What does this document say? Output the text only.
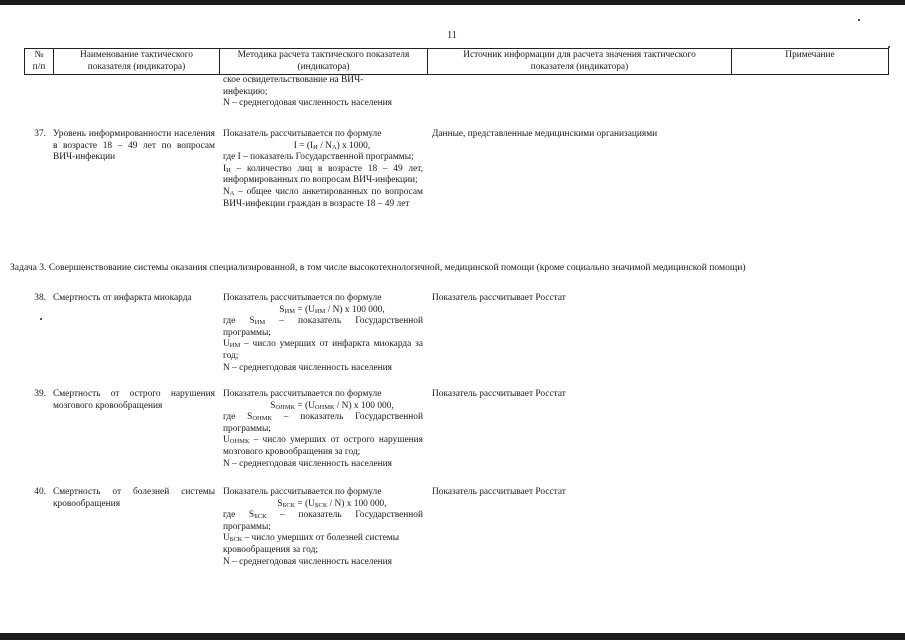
11
№
п/п
Наименование тактического
показателя (индикатора)
Методика расчета тактического показателя
(индикатора)
Источник информации для расчета значения тактического
показателя (индикатора)
Примечание
ское освидетельствование на ВИЧ-
инфекцию;
N – среднегодовая численность населения
37. Уровень информированности населения в возрасте 18 – 49 лет по вопросам ВИЧ-инфекции
Показатель рассчитывается по формуле
$I = (I_И / N_А)$ x 1000,
где I – показатель Государственной программы;
$I_И$ – количество лиц в возрасте 18 – 49 лет, информированных по вопросам ВИЧ-инфекции;
$N_А$ – общее число анкетированных по вопросам ВИЧ-инфекции граждан в возрасте 18 – 49 лет
Данные, представленные медицинскими организациями
Задача 3. Совершенствование системы оказания специализированной, в том числе высокотехнологичной, медицинской помощи (кроме социально значимой медицинской помощи)
38. Смертность от инфаркта миокарда	Показатель рассчитывается по формуле
$S_{ИМ} = (U_{ИМ} / N)$ x 100 000,
где $S_{ИМ}$ – показатель Государственной программы;
$U_{ИМ}$ – число умерших от инфаркта миокарда за год;
N – среднегодовая численность населения
Показатель рассчитывает Росстат
39. Смертность от острого нарушения мозгового кровообращения
Показатель рассчитывается по формуле
$S_{ОНМК} = (U_{ОНМК} / N)$ x 100 000,
где $S_{ОНМК}$ – показатель Государственной программы;
$U_{ОНМК}$ – число умерших от острого нарушения мозгового кровообращения за год;
N – среднегодовая численность населения
Показатель рассчитывает Росстат
40. Смертность от болезней системы кровообращения
Показатель рассчитывается по формуле
$S_{БСК} = (U_{БСК} / N)$ x 100 000,
где $S_{БСК}$ – показатель Государственной программы;
$U_{БСК}$ – число умерших от болезней системы кровообращения за год;
N – среднегодовая численность населения
Показатель рассчитывает Росстат
